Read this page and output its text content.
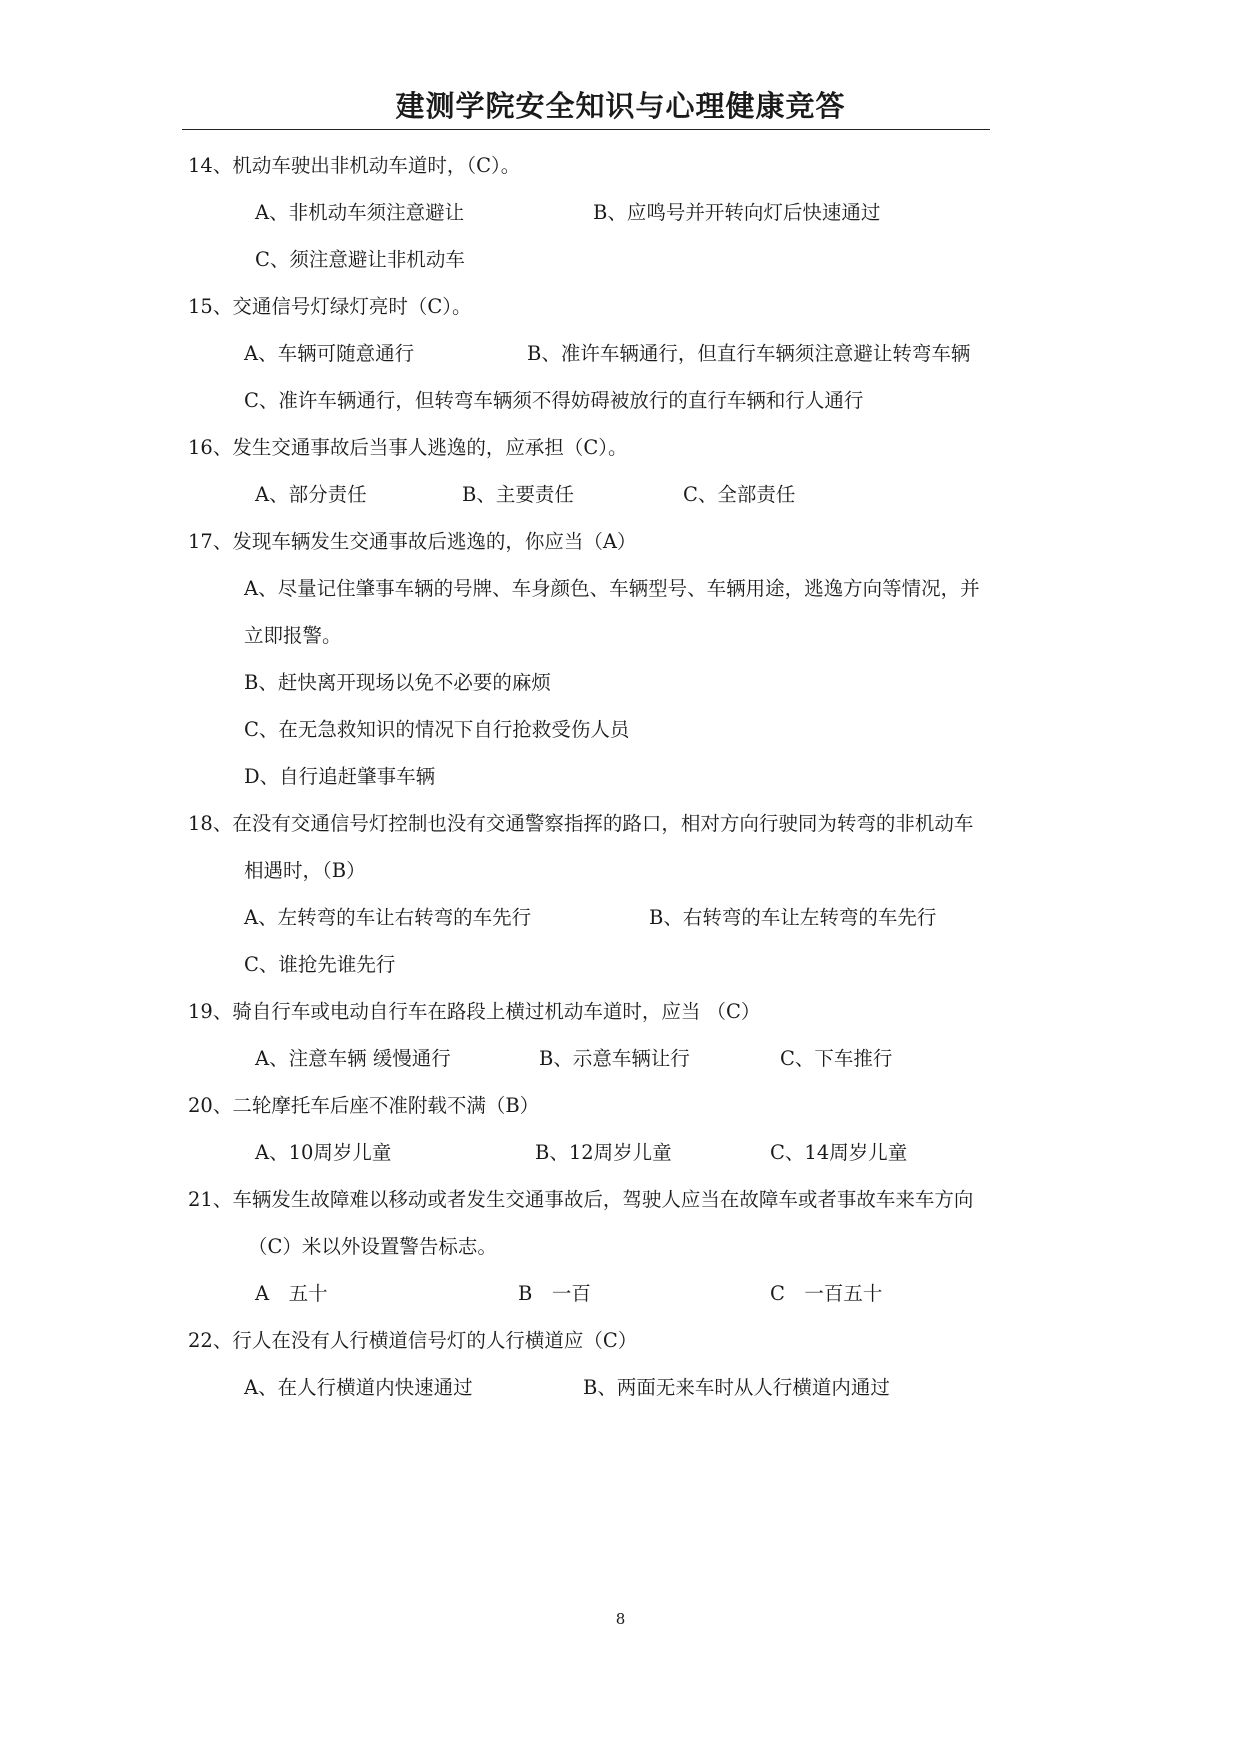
建测学院安全知识与心理健康竞答
14、机动车驶出非机动车道时，（C）。
A、非机动车须注意避让	B、应鸣号并开转向灯后快速通过
C、须注意避让非机动车
15、交通信号灯绿灯亮时（C）。
A、车辆可随意通行	B、准许车辆通行，但直行车辆须注意避让转弯车辆
C、准许车辆通行，但转弯车辆须不得妨碍被放行的直行车辆和行人通行
16、发生交通事故后当事人逃逸的，应承担（C）。
A、部分责任	B、主要责任	C、全部责任
17、发现车辆发生交通事故后逃逸的，你应当（A）
A、尽量记住肇事车辆的号牌、车身颜色、车辆型号、车辆用途，逃逸方向等情况，并
立即报警。
B、赶快离开现场以免不必要的麻烦
C、在无急救知识的情况下自行抢救受伤人员
D、自行追赶肇事车辆
18、在没有交通信号灯控制也没有交通警察指挥的路口，相对方向行驶同为转弯的非机动车
相遇时，（B）
A、左转弯的车让右转弯的车先行	B、右转弯的车让左转弯的车先行
C、谁抢先谁先行
19、骑自行车或电动自行车在路段上横过机动车道时，应当 （C）
A、注意车辆 缓慢通行	B、示意车辆让行	C、下车推行
20、二轮摩托车后座不准附载不满（B）
A、10周岁儿童	B、12周岁儿童	C、14周岁儿童
21、车辆发生故障难以移动或者发生交通事故后，驾驶人应当在故障车或者事故车来车方向
（C）米以外设置警告标志。
A　五十	B　一百	C　一百五十
22、行人在没有人行横道信号灯的人行横道应（C）
A、在人行横道内快速通过	B、两面无来车时从人行横道内通过
8
